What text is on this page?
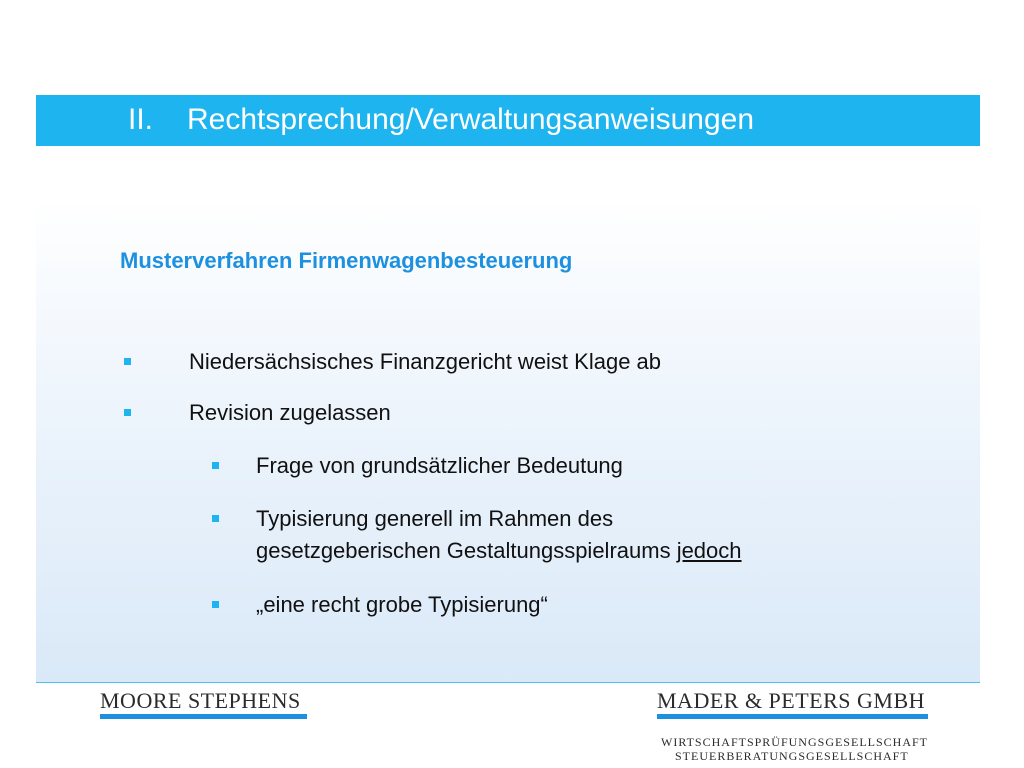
II. Rechtsprechung/Verwaltungsanweisungen
Musterverfahren Firmenwagenbesteuerung
Niedersächsisches Finanzgericht weist Klage ab
Revision zugelassen
Frage von grundsätzlicher Bedeutung
Typisierung generell im Rahmen des
gesetzgeberischen Gestaltungsspielraums jedoch
„eine recht grobe Typisierung“
MOORE STEPHENS	MADER & PETERS GMBH
WIRTSCHAFTSPRÜFUNGSGESELLSCHAFT
STEUERBERATUNGSGESELLSCHAFT
